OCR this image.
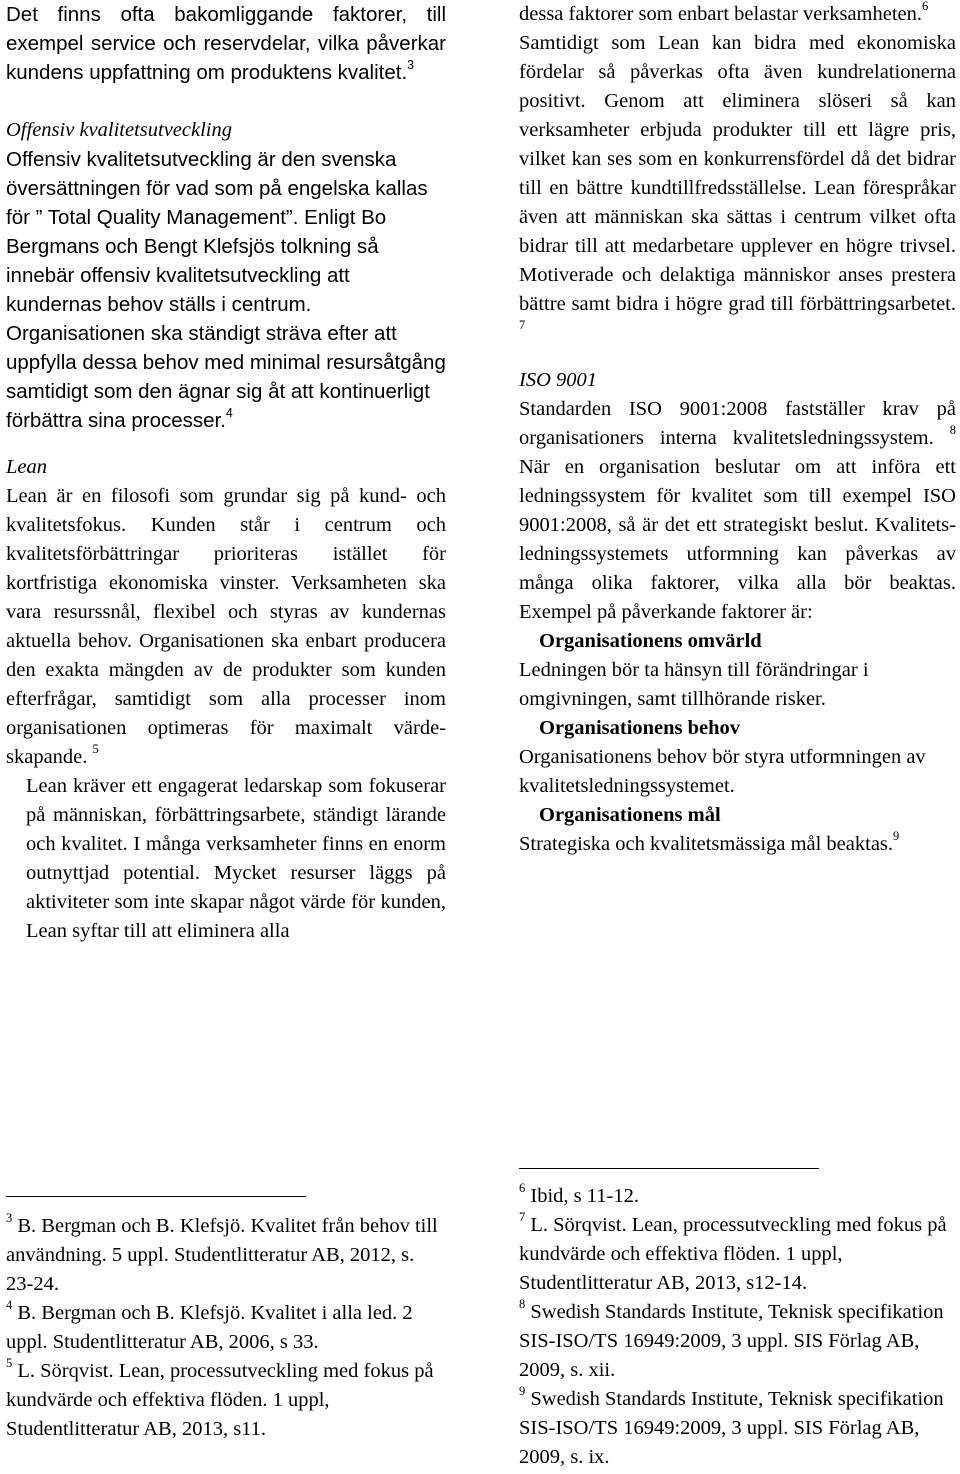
Det finns ofta bakomliggande faktorer, till exempel service och reservdelar, vilka påverkar kundens uppfattning om produktens kvalitet.$^3$

Offensiv kvalitetsutveckling

Offensiv kvalitetsutveckling är den svenska översättningen för vad som på engelska kallas för ” Total Quality Management”. Enligt Bo Bergmans och Bengt Klefsjös tolkning så innebär offensiv kvalitetsutveckling att kundernas behov ställs i centrum. Organisationen ska ständigt sträva efter att uppfylla dessa behov med minimal resursåtgång samtidigt som den ägnar sig åt att kontinuerligt förbättra sina processer.$^4$

Lean

Lean är en filosofi som grundar sig på kund- och kvalitetsfokus. Kunden står i centrum och kvalitetsförbättringar prioriteras istället för kortfristiga ekonomiska vinster. Verksamheten ska vara resurssnål, flexibel och styras av kundernas aktuella behov. Organisationen ska enbart producera den exakta mängden av de produkter som kunden efterfrågar, samtidigt som alla processer inom organisationen optimeras för maximalt värde-skapande. $^5$

Lean kräver ett engagerat ledarskap som fokuserar på människan, förbättringsarbete, ständigt lärande och kvalitet. I många verksamheter finns en enorm outnyttjad potential. Mycket resurser läggs på aktiviteter som inte skapar något värde för kunden, Lean syftar till att eliminera alla

dessa faktorer som enbart belastar verksamheten.$^6$

Samtidigt som Lean kan bidra med ekonomiska fördelar så påverkas ofta även kundrelationerna positivt. Genom att eliminera slöseri så kan verksamheter erbjuda produkter till ett lägre pris, vilket kan ses som en konkurrensfördel då det bidrar till en bättre kundtillfredsställelse. Lean förespråkar även att människan ska sättas i centrum vilket ofta bidrar till att medarbetare upplever en högre trivsel. Motiverade och delaktiga människor anses prestera bättre samt bidra i högre grad till förbättringsarbetet. $^7$

ISO 9001

Standarden ISO 9001:2008 fastställer krav på organisationers interna kvalitetsledningssystem. $^8$ När en organisation beslutar om att införa ett ledningssystem för kvalitet som till exempel ISO 9001:2008, så är det ett strategiskt beslut. Kvalitets-ledningssystemets utformning kan påverkas av många olika faktorer, vilka alla bör beaktas. Exempel på påverkande faktorer är:

Organisationens omvärld

Ledningen bör ta hänsyn till förändringar i omgivningen, samt tillhörande risker.

Organisationens behov

Organisationens behov bör styra utformningen av kvalitetsledningssystemet.

Organisationens mål

Strategiska och kvalitetsmässiga mål beaktas.$^9$

$^3$ B. Bergman och B. Klefsjö. Kvalitet från behov till användning. 5 uppl. Studentlitteratur AB, 2012, s. 23-24.

$^4$ B. Bergman och B. Klefsjö. Kvalitet i alla led. 2 uppl. Studentlitteratur AB, 2006, s 33.

$^5$ L. Sörqvist. Lean, processutveckling med fokus på kundvärde och effektiva flöden. 1 uppl, Studentlitteratur AB, 2013, s11.

$^6$ Ibid, s 11-12.

$^7$ L. Sörqvist. Lean, processutveckling med fokus på kundvärde och effektiva flöden. 1 uppl, Studentlitteratur AB, 2013, s12-14.

$^8$ Swedish Standards Institute, Teknisk specifikation SIS-ISO/TS 16949:2009, 3 uppl. SIS Förlag AB, 2009, s. xii.

$^9$ Swedish Standards Institute, Teknisk specifikation SIS-ISO/TS 16949:2009, 3 uppl. SIS Förlag AB, 2009, s. ix.
